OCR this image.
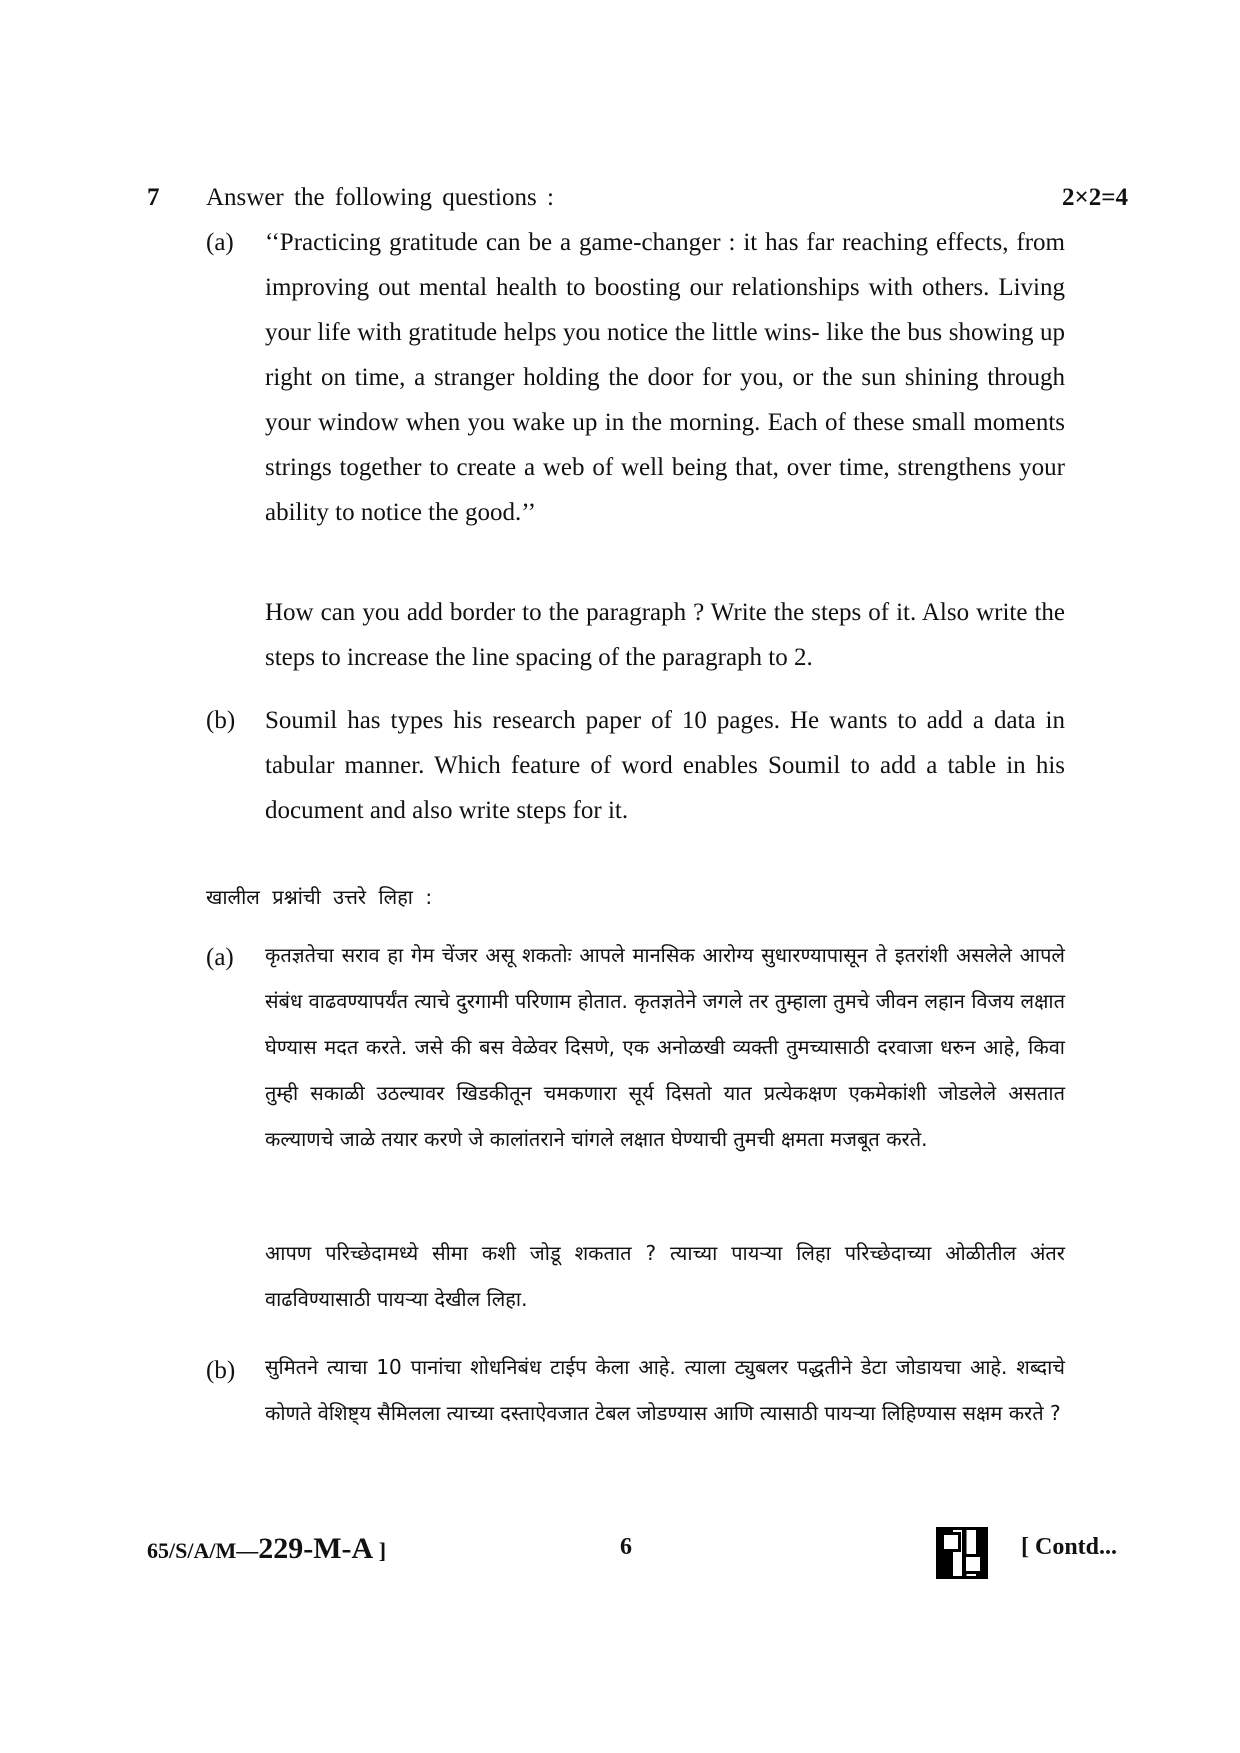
7 Answer the following questions :	2×2=4
(a) ‘‘Practicing gratitude can be a game-changer : it has far reaching effects, from improving out mental health to boosting our relationships with others. Living your life with gratitude helps you notice the little wins- like the bus showing up right on time, a stranger holding the door for you, or the sun shining through your window when you wake up in the morning. Each of these small moments strings together to create a web of well being that, over time, strengthens your ability to notice the good.’’

How can you add border to the paragraph ? Write the steps of it. Also write the steps to increase the line spacing of the paragraph to 2.

(b) Soumil has types his research paper of 10 pages. He wants to add a data in tabular manner. Which feature of word enables Soumil to add a table in his document and also write steps for it.

खालील प्रश्नांची उत्तरे लिहा :
(a) कृतज्ञतेचा सराव हा गेम चेंजर असू शकतोः आपले मानसिक आरोग्य सुधारण्यापासून ते इतरांशी असलेले आपले संबंध वाढवण्यापर्यंत त्याचे दुरगामी परिणाम होतात. कृतज्ञतेने जगले तर तुम्हाला तुमचे जीवन लहान विजय लक्षात घेण्यास मदत करते. जसे की बस वेळेवर दिसणे, एक अनोळखी व्यक्ती तुमच्यासाठी दरवाजा धरुन आहे, किवा तुम्ही सकाळी उठल्यावर खिडकीतून चमकणारा सूर्य दिसतो यात प्रत्येकक्षण एकमेकांशी जोडलेले असतात कल्याणचे जाळे तयार करणे जे कालांतराने चांगले लक्षात घेण्याची तुमची क्षमता मजबूत करते.

आपण परिच्छेदामध्ये सीमा कशी जोडू शकतात ? त्याच्या पायऱ्या लिहा परिच्छेदाच्या ओळीतील अंतर वाढविण्यासाठी पायऱ्या देखील लिहा.

(b) सुमितने त्याचा 10 पानांचा शोधनिबंध टाईप केला आहे. त्याला ट्युबलर पद्धतीने डेटा जोडायचा आहे. शब्दाचे कोणते वेशिष्ट्य सैमिलला त्याच्या दस्ताऐवजात टेबल जोडण्यास आणि त्यासाठी पायऱ्या लिहिण्यास सक्षम करते ?

65/S/A/M—229-M-A ]	6	[ Contd...
